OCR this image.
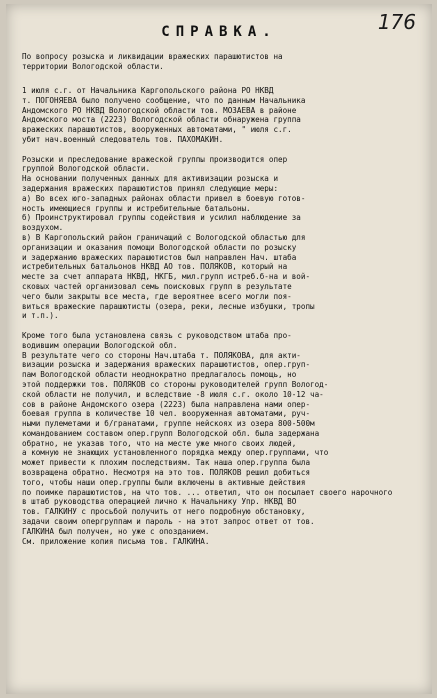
176
СПРАВКА.
По вопросу розыска и ликвидации вражеских парашютистов на
территории Вологодской области.
1 июля с.г. от Начальника Каргопольского района РО НКВД
т. ПОГОНЯЕВА было получено сообщение, что по данным Начальника
Андомского РО НКВД Вологодской области тов. МОЗАЕВА в районе
Андомского моста (2223) Вологодской области обнаружена группа
вражеских парашютистов, вооруженных автоматами, " июля с.г.
убит нач.военный следователь тов. ПАХОМАКИН.

Розыски и преследование вражеской группы производится опер
группой Вологодской области.
На основании полученных данных для активизации розыска и
задержания вражеских парашютистов принял следующие меры:
а) Во всех юго-западных районах области привел в боевую готов-
ность имеющиеся группы и истребительные батальоны.
б) Проинструктировал группы содействия и усилил наблюдение за
воздухом.
в) В Каргопольский район граничащий с Вологодской областью для
организации и оказания помощи Вологодской области по розыску
и задержанию вражеских парашютистов был направлен Нач. штаба
истребительных батальонов НКВД АО тов. ПОЛЯКОВ, который на
месте за счет аппарата НКВД, НКГБ, мил.групп истреб.б-на и вой-
сковых частей организовал семь поисковых групп в результате
чего были закрыты все места, где вероятнее всего могли поя-
виться вражеские парашютисты (озера, реки, лесные избушки, тропы
и т.п.).

Кроме того была установлена связь с руководством штаба про-
водившим операции Вологодской обл.
В результате чего со стороны Нач.штаба т. ПОЛЯКОВА, для акти-
визации розыска и задержания вражеских парашютистов, опер.груп-
пам Вологодской области неоднократно предлагалось помощь, но
этой поддержки тов. ПОЛЯКОВ со стороны руководителей групп Вологод-
ской области не получил, и вследствие -8 июля с.г. около 10-12 ча-
сов в районе Андомского озера (2223) была направлена нами опер-
боевая группа в количестве 10 чел. вооруженная автоматами, руч-
ными пулеметами и б/гранатами, группе нейскоях из озера 800-500м
командованием составом опер.групп Вологодской обл. была задержана
обратно, не указав того, что на месте уже много своих людей,
а комную не знающих установленного порядка между опер.группами, что
может привести к плохим последствиям. Так наша опер.группа была
возвращена обратно. Несмотря на это тов. ПОЛЯКОВ решил добиться
того, чтобы наши опер.группы были включены в активные действия
по поимке парашютистов, на что тов. ... ответил, что он посылает своего нарочного
в штаб руководства операцией лично к Начальнику Упр. НКВД ВО
тов. ГАЛКИНУ с просьбой получить от него подробную обстановку,
задачи своим опергруппам и пароль - на этот запрос ответ от тов.
ГАЛКИНА был получен, но уже с опозданием.
См. приложение копия письма тов. ГАЛКИНА.
